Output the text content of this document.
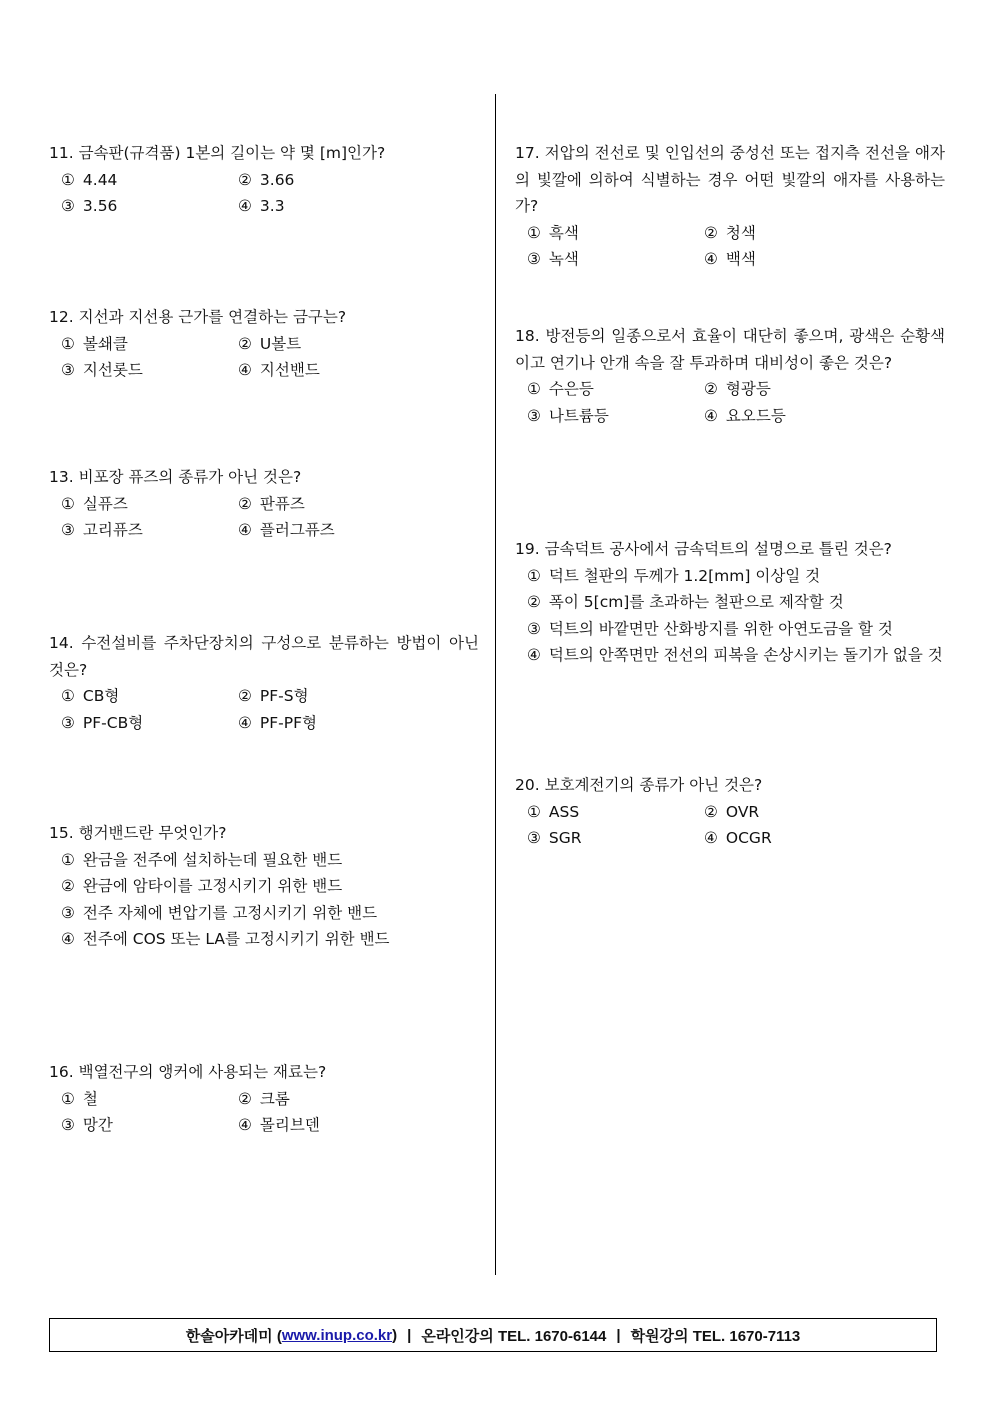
11. 금속판(규격품) 1본의 길이는 약 몇 [m]인가?

① 4.44	② 3.66
③ 3.56	④ 3.3

12. 지선과 지선용 근가를 연결하는 금구는?

① 볼쇄클	② U볼트
③ 지선롯드	④ 지선밴드

13. 비포장 퓨즈의 종류가 아닌 것은?

① 실퓨즈	② 판퓨즈
③ 고리퓨즈	④ 플러그퓨즈

14. 수전설비를 주차단장치의 구성으로 분류하는 방법이 아닌 것은?

① CB형	② PF-S형
③ PF-CB형	④ PF-PF형

15. 행거밴드란 무엇인가?

① 완금을 전주에 설치하는데 필요한 밴드
② 완금에 암타이를 고정시키기 위한 밴드
③ 전주 자체에 변압기를 고정시키기 위한 밴드
④ 전주에 COS 또는 LA를 고정시키기 위한 밴드

16. 백열전구의 앵커에 사용되는 재료는?

① 철	② 크롬
③ 망간	④ 몰리브덴

17. 저압의 전선로 및 인입선의 중성선 또는 접지측 전선을 애자의 빛깔에 의하여 식별하는 경우 어떤 빛깔의 애자를 사용하는가?

① 흑색	② 청색
③ 녹색	④ 백색

18. 방전등의 일종으로서 효율이 대단히 좋으며, 광색은 순황색이고 연기나 안개 속을 잘 투과하며 대비성이 좋은 것은?

① 수은등	② 형광등
③ 나트륨등	④ 요오드등

19. 금속덕트 공사에서 금속덕트의 설명으로 틀린 것은?

① 덕트 철판의 두께가 1.2[mm] 이상일 것
② 폭이 5[cm]를 초과하는 철판으로 제작할 것
③ 덕트의 바깥면만 산화방지를 위한 아연도금을 할 것
④ 덕트의 안쪽면만 전선의 피복을 손상시키는 돌기가 없을 것

20. 보호계전기의 종류가 아닌 것은?

① ASS	② OVR
③ SGR	④ OCGR
한솔아카데미 ( www.inup.co.kr ) | 온라인강의 TEL. 1670-6144 | 학원강의 TEL. 1670-7113
